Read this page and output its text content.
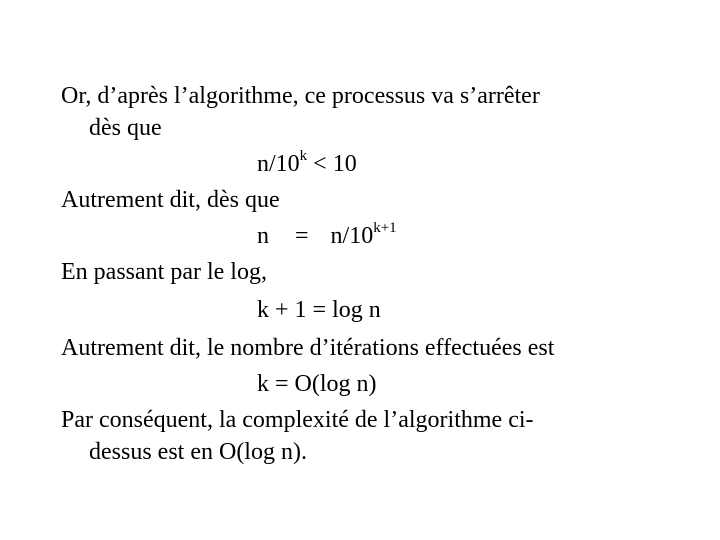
Or, d’après l’algorithme, ce processus va s’arrêter
dès que
$n/10^k < 10$
Autrement dit, dès que
$n = n/10^{k+1}$
En passant par le log,
k + 1 = log n
Autrement dit, le nombre d’itérations effectuées est
k = O(log n)
Par conséquent, la complexité de l’algorithme ci-
dessus est en O(log n).
